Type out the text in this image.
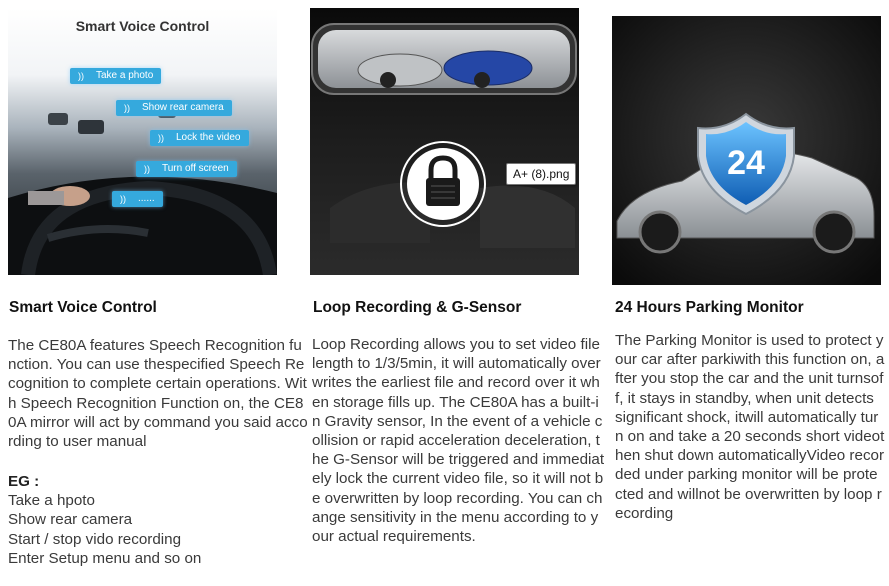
Smart Voice Control
)) Take a photo
)) Show rear camera
)) Lock the video
)) Turn off screen
)) ......
Smart Voice Control

The CE80A features Speech Recognition function. You can use thespecified Speech Recognition to complete certain operations. With Speech Recognition Function on, the CE80A mirror will act by command you said according to user manual

EG :
Take a hpoto
Show rear camera
Start / stop vido recording
Enter Setup menu and so on
A+ (8).png
Loop Recording & G-Sensor

Loop Recording allows you to set video file length to 1/3/5min, it will automatically over writes the earliest file and record over it when storage fills up. The CE80A has a built-in Gravity sensor, In the event of a vehicle collision or rapid acceleration deceleration, the G-Sensor will be triggered and immediately lock the current video file, so it will not be overwritten by loop recording. You can change sensitivity in the menu according to your actual requirements.

24
24 Hours Parking Monitor

The Parking Monitor is used to protect your car after parkiwith this function on, after you stop the car and the unit turnsoff, it stays in standby, when unit detects significant shock, itwill automatically turn on and take a 20 seconds short videothen shut down automaticallyVideo recorded under parking monitor will be protected and willnot be overwritten by loop recording
